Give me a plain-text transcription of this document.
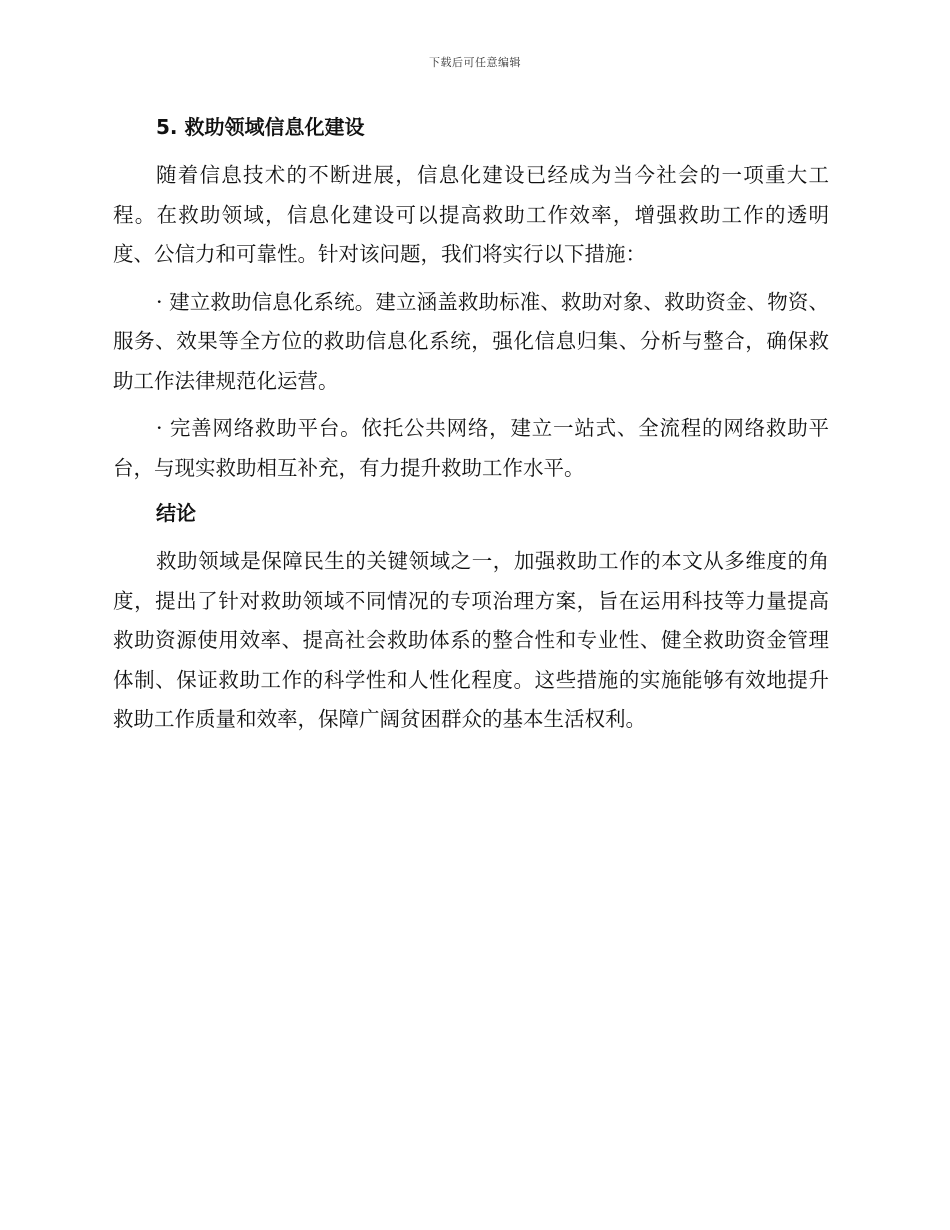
下载后可任意编辑
5. 救助领域信息化建设

随着信息技术的不断进展，信息化建设已经成为当今社会的一项重大工程。在救助领域，信息化建设可以提高救助工作效率，增强救助工作的透明度、公信力和可靠性。针对该问题，我们将实行以下措施：

· 建立救助信息化系统。建立涵盖救助标准、救助对象、救助资金、物资、服务、效果等全方位的救助信息化系统，强化信息归集、分析与整合，确保救助工作法律规范化运营。

· 完善网络救助平台。依托公共网络，建立一站式、全流程的网络救助平台，与现实救助相互补充，有力提升救助工作水平。

结论

救助领域是保障民生的关键领域之一，加强救助工作的本文从多维度的角度，提出了针对救助领域不同情况的专项治理方案，旨在运用科技等力量提高救助资源使用效率、提高社会救助体系的整合性和专业性、健全救助资金管理体制、保证救助工作的科学性和人性化程度。这些措施的实施能够有效地提升救助工作质量和效率，保障广阔贫困群众的基本生活权利。
